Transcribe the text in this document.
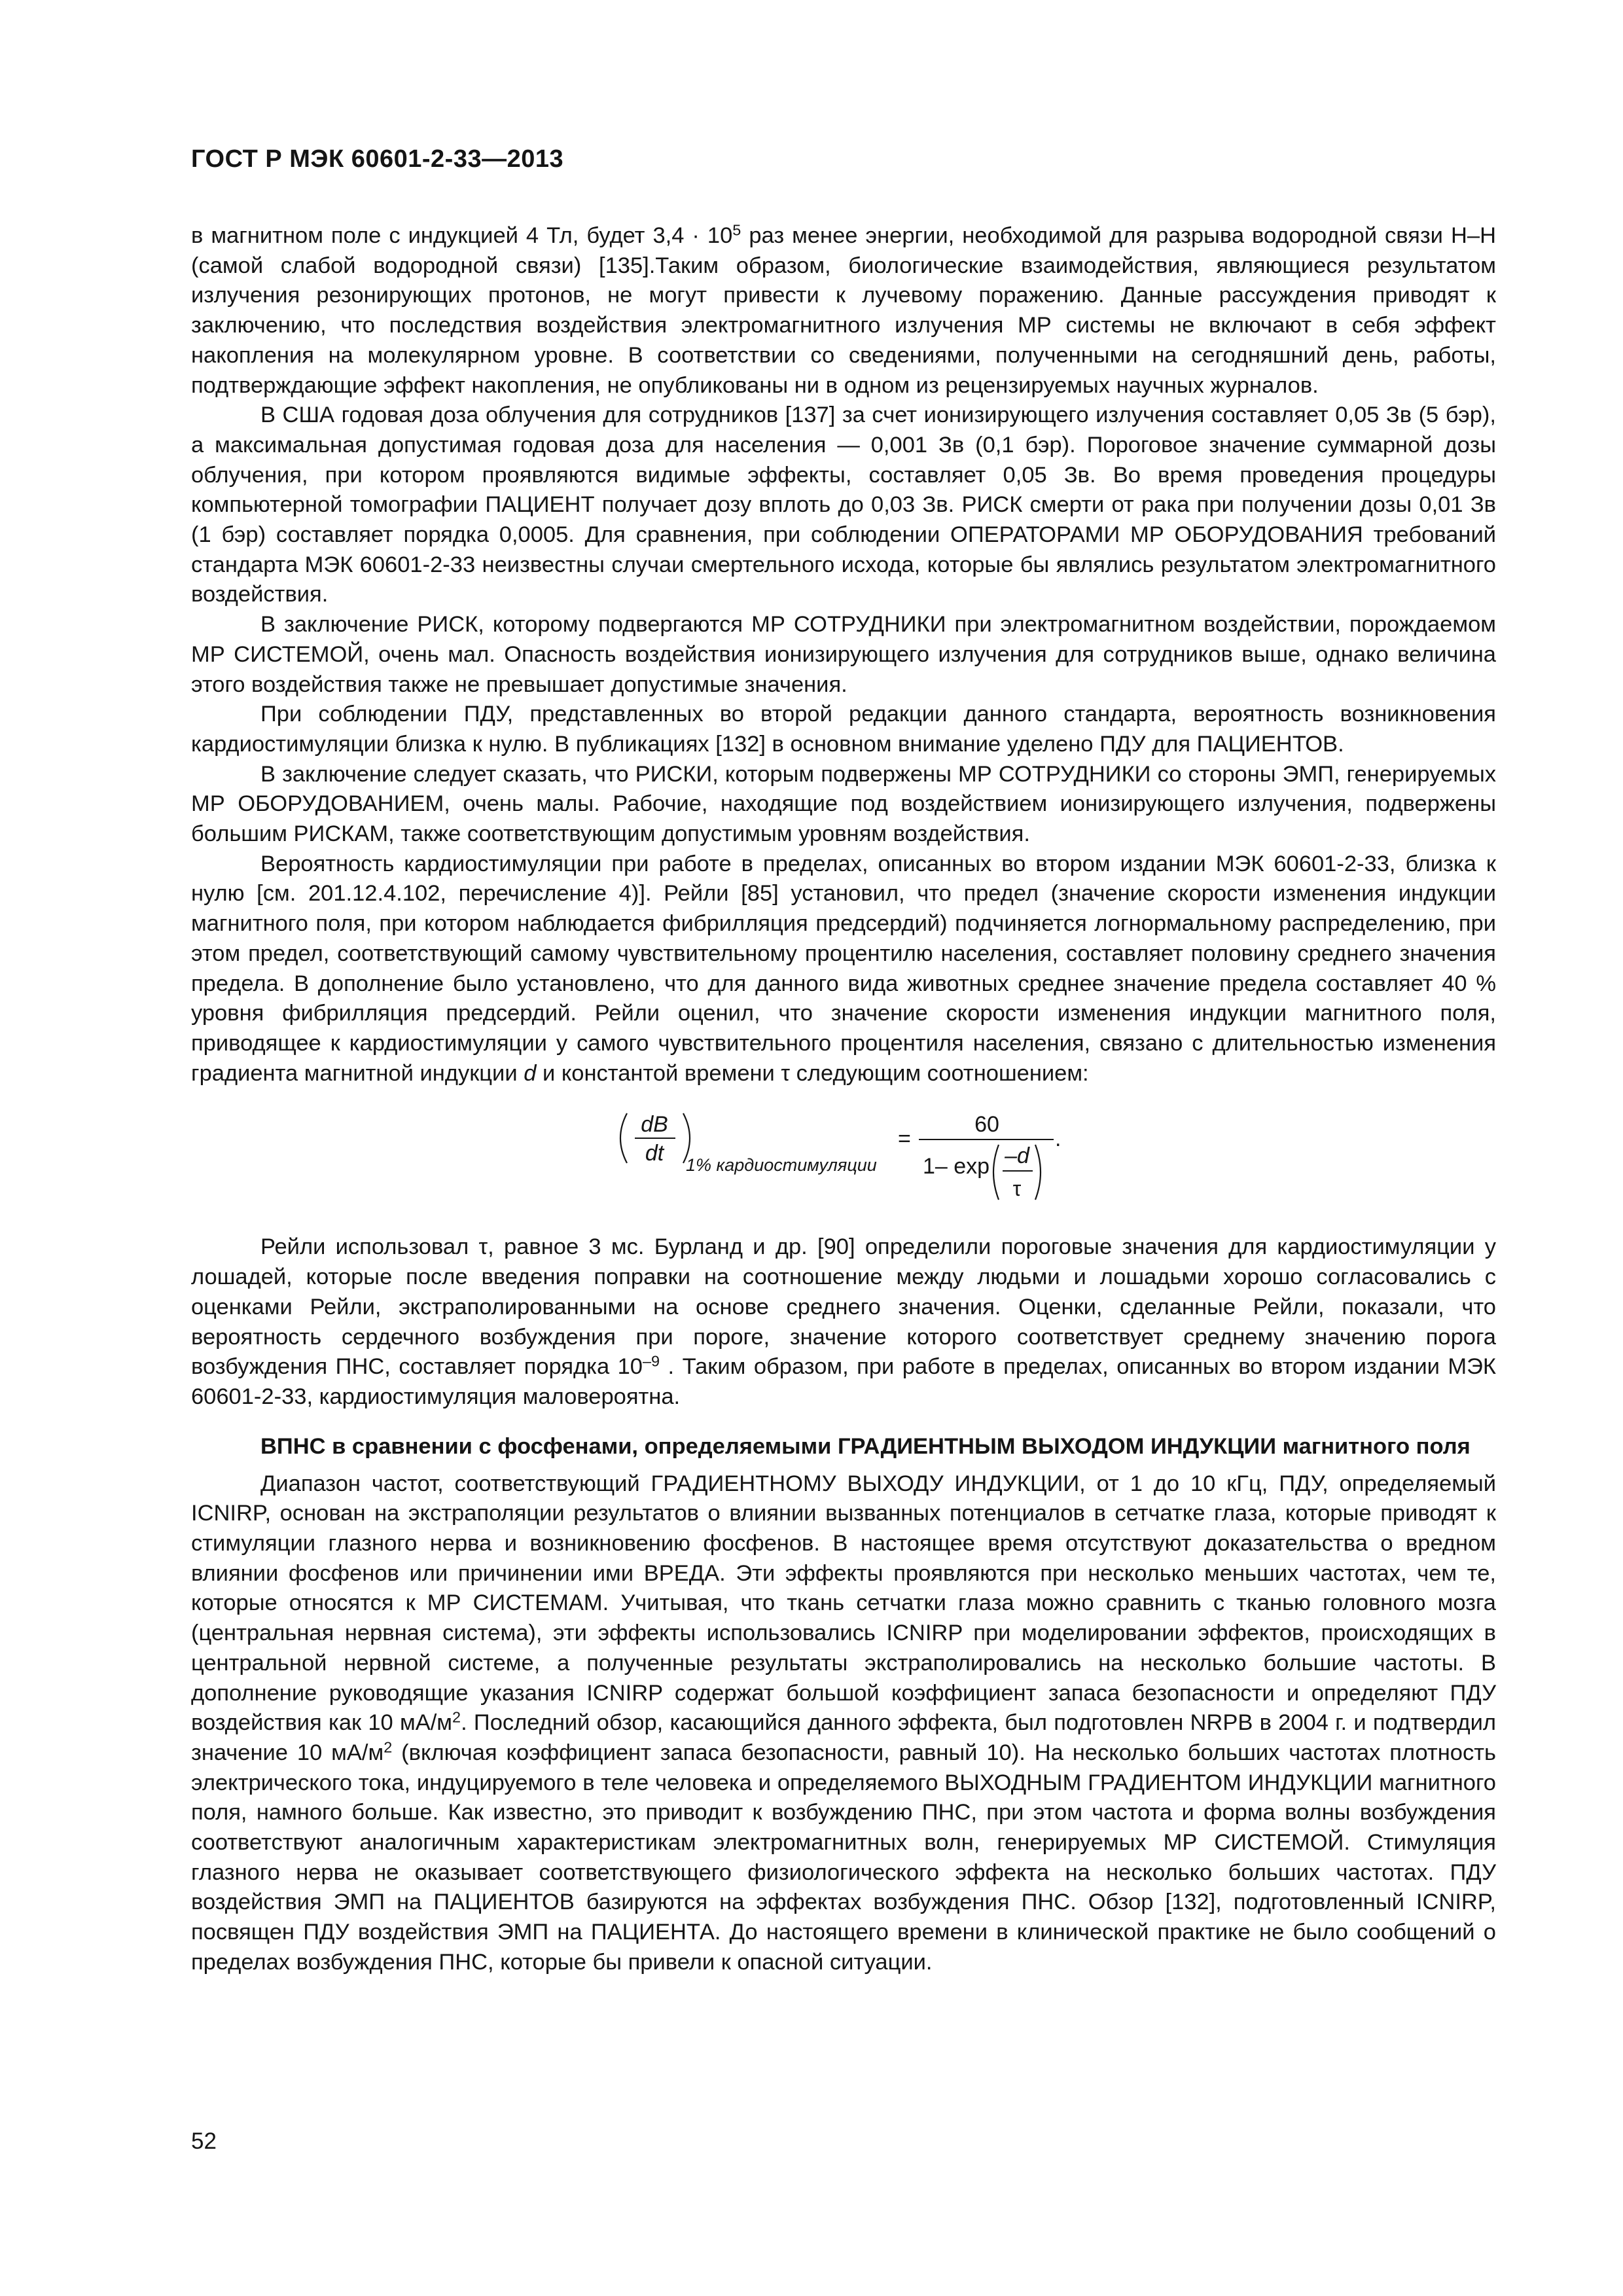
ГОСТ Р МЭК 60601-2-33—2013

в магнитном поле с индукцией 4 Тл, будет $3,4 \cdot 10^5$ раз менее энергии, необходимой для разрыва водородной связи Н–Н (самой слабой водородной связи) [135].Таким образом, биологические взаимодействия, являющиеся результатом излучения резонирующих протонов, не могут привести к лучевому поражению. Данные рассуждения приводят к заключению, что последствия воздействия электромагнитного излучения МР системы не включают в себя эффект накопления на молекулярном уровне. В соответствии со сведениями, полученными на сегодняшний день, работы, подтверждающие эффект накопления, не опубликованы ни в одном из рецензируемых научных журналов.

В США годовая доза облучения для сотрудников [137] за счет ионизирующего излучения составляет 0,05 Зв (5 бэр), а максимальная допустимая годовая доза для населения — 0,001 Зв (0,1 бэр). Пороговое значение суммарной дозы облучения, при котором проявляются видимые эффекты, составляет 0,05 Зв. Во время проведения процедуры компьютерной томографии ПАЦИЕНТ получает дозу вплоть до 0,03 Зв. РИСК смерти от рака при получении дозы 0,01 Зв (1 бэр) составляет порядка 0,0005. Для сравнения, при соблюдении ОПЕРАТОРАМИ МР ОБОРУДОВАНИЯ требований стандарта МЭК 60601-2-33 неизвестны случаи смертельного исхода, которые бы являлись результатом электромагнитного воздействия.

В заключение РИСК, которому подвергаются МР СОТРУДНИКИ при электромагнитном воздействии, порождаемом МР СИСТЕМОЙ, очень мал. Опасность воздействия ионизирующего излучения для сотрудников выше, однако величина этого воздействия также не превышает допустимые значения.

При соблюдении ПДУ, представленных во второй редакции данного стандарта, вероятность возникновения кардиостимуляции близка к нулю. В публикациях [132] в основном внимание уделено ПДУ для ПАЦИЕНТОВ.

В заключение следует сказать, что РИСКИ, которым подвержены МР СОТРУДНИКИ со стороны ЭМП, генерируемых МР ОБОРУДОВАНИЕМ, очень малы. Рабочие, находящие под воздействием ионизирующего излучения, подвержены большим РИСКАМ, также соответствующим допустимым уровням воздействия.

Вероятность кардиостимуляции при работе в пределах, описанных во втором издании МЭК 60601-2-33, близка к нулю [см. 201.12.4.102, перечисление 4)]. Рейли [85] установил, что предел (значение скорости изменения индукции магнитного поля, при котором наблюдается фибрилляция предсердий) подчиняется логнормальному распределению, при этом предел, соответствующий самому чувствительному процентилю населения, составляет половину среднего значения предела. В дополнение было установлено, что для данного вида животных среднее значение предела составляет 40 % уровня фибрилляция предсердий. Рейли оценил, что значение скорости изменения индукции магнитного поля, приводящее к кардиостимуляции у самого чувствительного процентиля населения, связано с длительностью изменения градиента магнитной индукции d и константой времени τ следующим соотношением:

dB
dt 1% кардиостимуляции
=
60
1– exp –d
τ
.

Рейли использовал τ, равное 3 мс. Бурланд и др. [90] определили пороговые значения для кардиостимуляции у лошадей, которые после введения поправки на соотношение между людьми и лошадьми хорошо согласовались с оценками Рейли, экстраполированными на основе среднего значения. Оценки, сделанные Рейли, показали, что вероятность сердечного возбуждения при пороге, значение которого соответствует среднему значению порога возбуждения ПНС, составляет порядка $10^{-9}$ . Таким образом, при работе в пределах, описанных во втором издании МЭК 60601-2-33, кардиостимуляция маловероятна.

ВПНС в сравнении с фосфенами, определяемыми ГРАДИЕНТНЫМ ВЫХОДОМ ИНДУКЦИИ магнитного поля

Диапазон частот, соответствующий ГРАДИЕНТНОМУ ВЫХОДУ ИНДУКЦИИ, от 1 до 10 кГц, ПДУ, определяемый ICNIRP, основан на экстраполяции результатов о влиянии вызванных потенциалов в сетчатке глаза, которые приводят к стимуляции глазного нерва и возникновению фосфенов. В настоящее время отсутствуют доказательства о вредном влиянии фосфенов или причинении ими ВРЕДА. Эти эффекты проявляются при несколько меньших частотах, чем те, которые относятся к МР СИСТЕМАМ. Учитывая, что ткань сетчатки глаза можно сравнить с тканью головного мозга (центральная нервная система), эти эффекты использовались ICNIRP при моделировании эффектов, происходящих в центральной нервной системе, а полученные результаты экстраполировались на несколько большие частоты. В дополнение руководящие указания ICNIRP содержат большой коэффициент запаса безопасности и определяют ПДУ воздействия как 10 $мА/м^2$. Последний обзор, касающийся данного эффекта, был подготовлен NRPB в 2004 г. и подтвердил значение 10 $мА/м^2$ (включая коэффициент запаса безопасности, равный 10). На несколько больших частотах плотность электрического тока, индуцируемого в теле человека и определяемого ВЫХОДНЫМ ГРАДИЕНТОМ ИНДУКЦИИ магнитного поля, намного больше. Как известно, это приводит к возбуждению ПНС, при этом частота и форма волны возбуждения соответствуют аналогичным характеристикам электромагнитных волн, генерируемых МР СИСТЕМОЙ. Стимуляция глазного нерва не оказывает соответствующего физиологического эффекта на несколько больших частотах. ПДУ воздействия ЭМП на ПАЦИЕНТОВ базируются на эффектах возбуждения ПНС. Обзор [132], подготовленный ICNIRP, посвящен ПДУ воздействия ЭМП на ПАЦИЕНТА. До настоящего времени в клинической практике не было сообщений о пределах возбуждения ПНС, которые бы привели к опасной ситуации.

52
